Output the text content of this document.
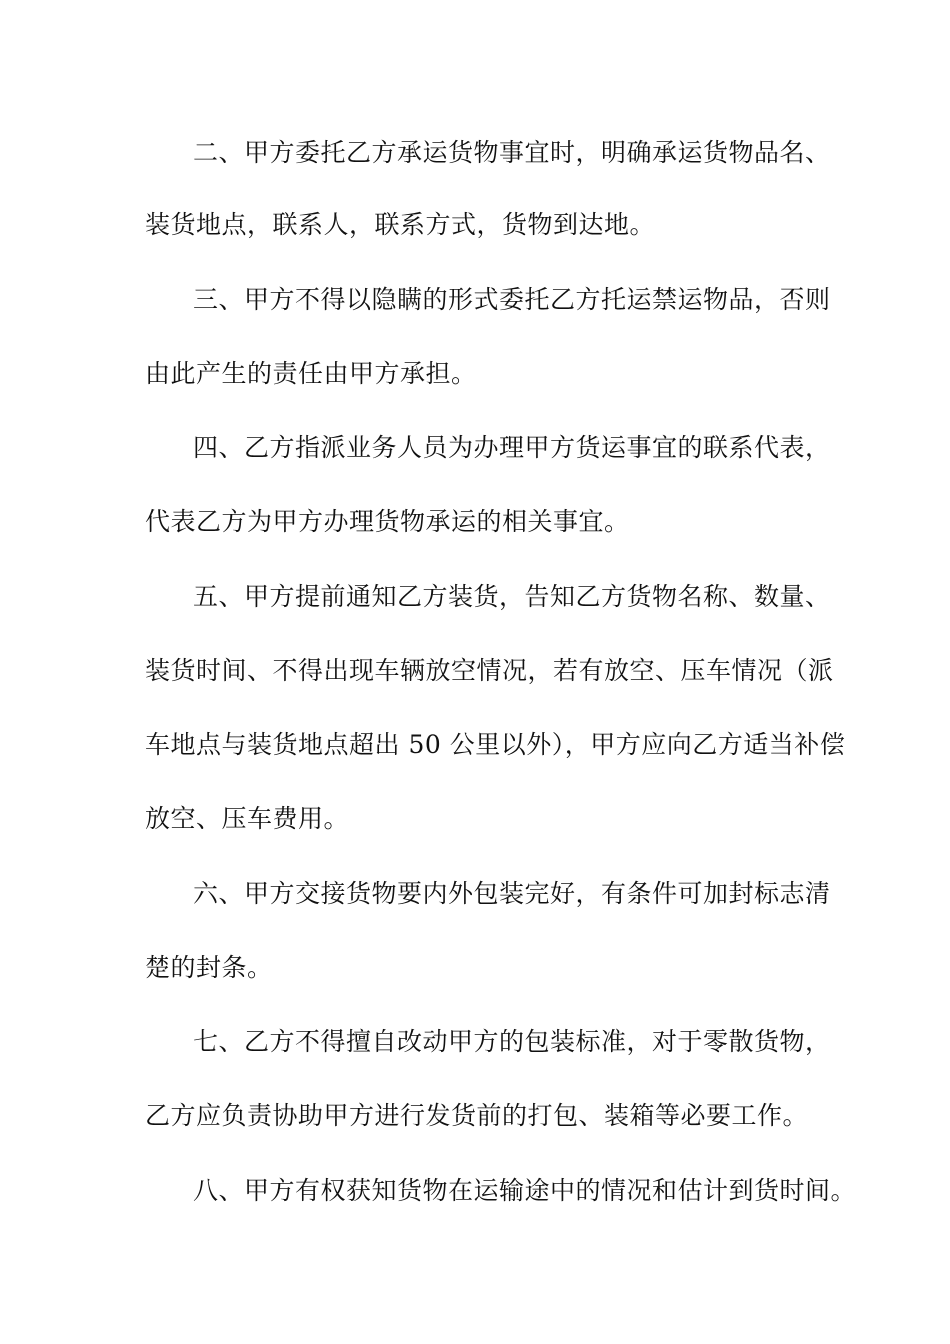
二、甲方委托乙方承运货物事宜时，明确承运货物品名、
装货地点，联系人，联系方式，货物到达地。
三、甲方不得以隐瞒的形式委托乙方托运禁运物品，否则
由此产生的责任由甲方承担。
四、乙方指派业务人员为办理甲方货运事宜的联系代表，
代表乙方为甲方办理货物承运的相关事宜。
五、甲方提前通知乙方装货，告知乙方货物名称、数量、
装货时间、不得出现车辆放空情况，若有放空、压车情况（派
车地点与装货地点超出 50 公里以外），甲方应向乙方适当补偿
放空、压车费用。
六、甲方交接货物要内外包装完好，有条件可加封标志清
楚的封条。
七、乙方不得擅自改动甲方的包装标准，对于零散货物，
乙方应负责协助甲方进行发货前的打包、装箱等必要工作。
八、甲方有权获知货物在运输途中的情况和估计到货时间。
